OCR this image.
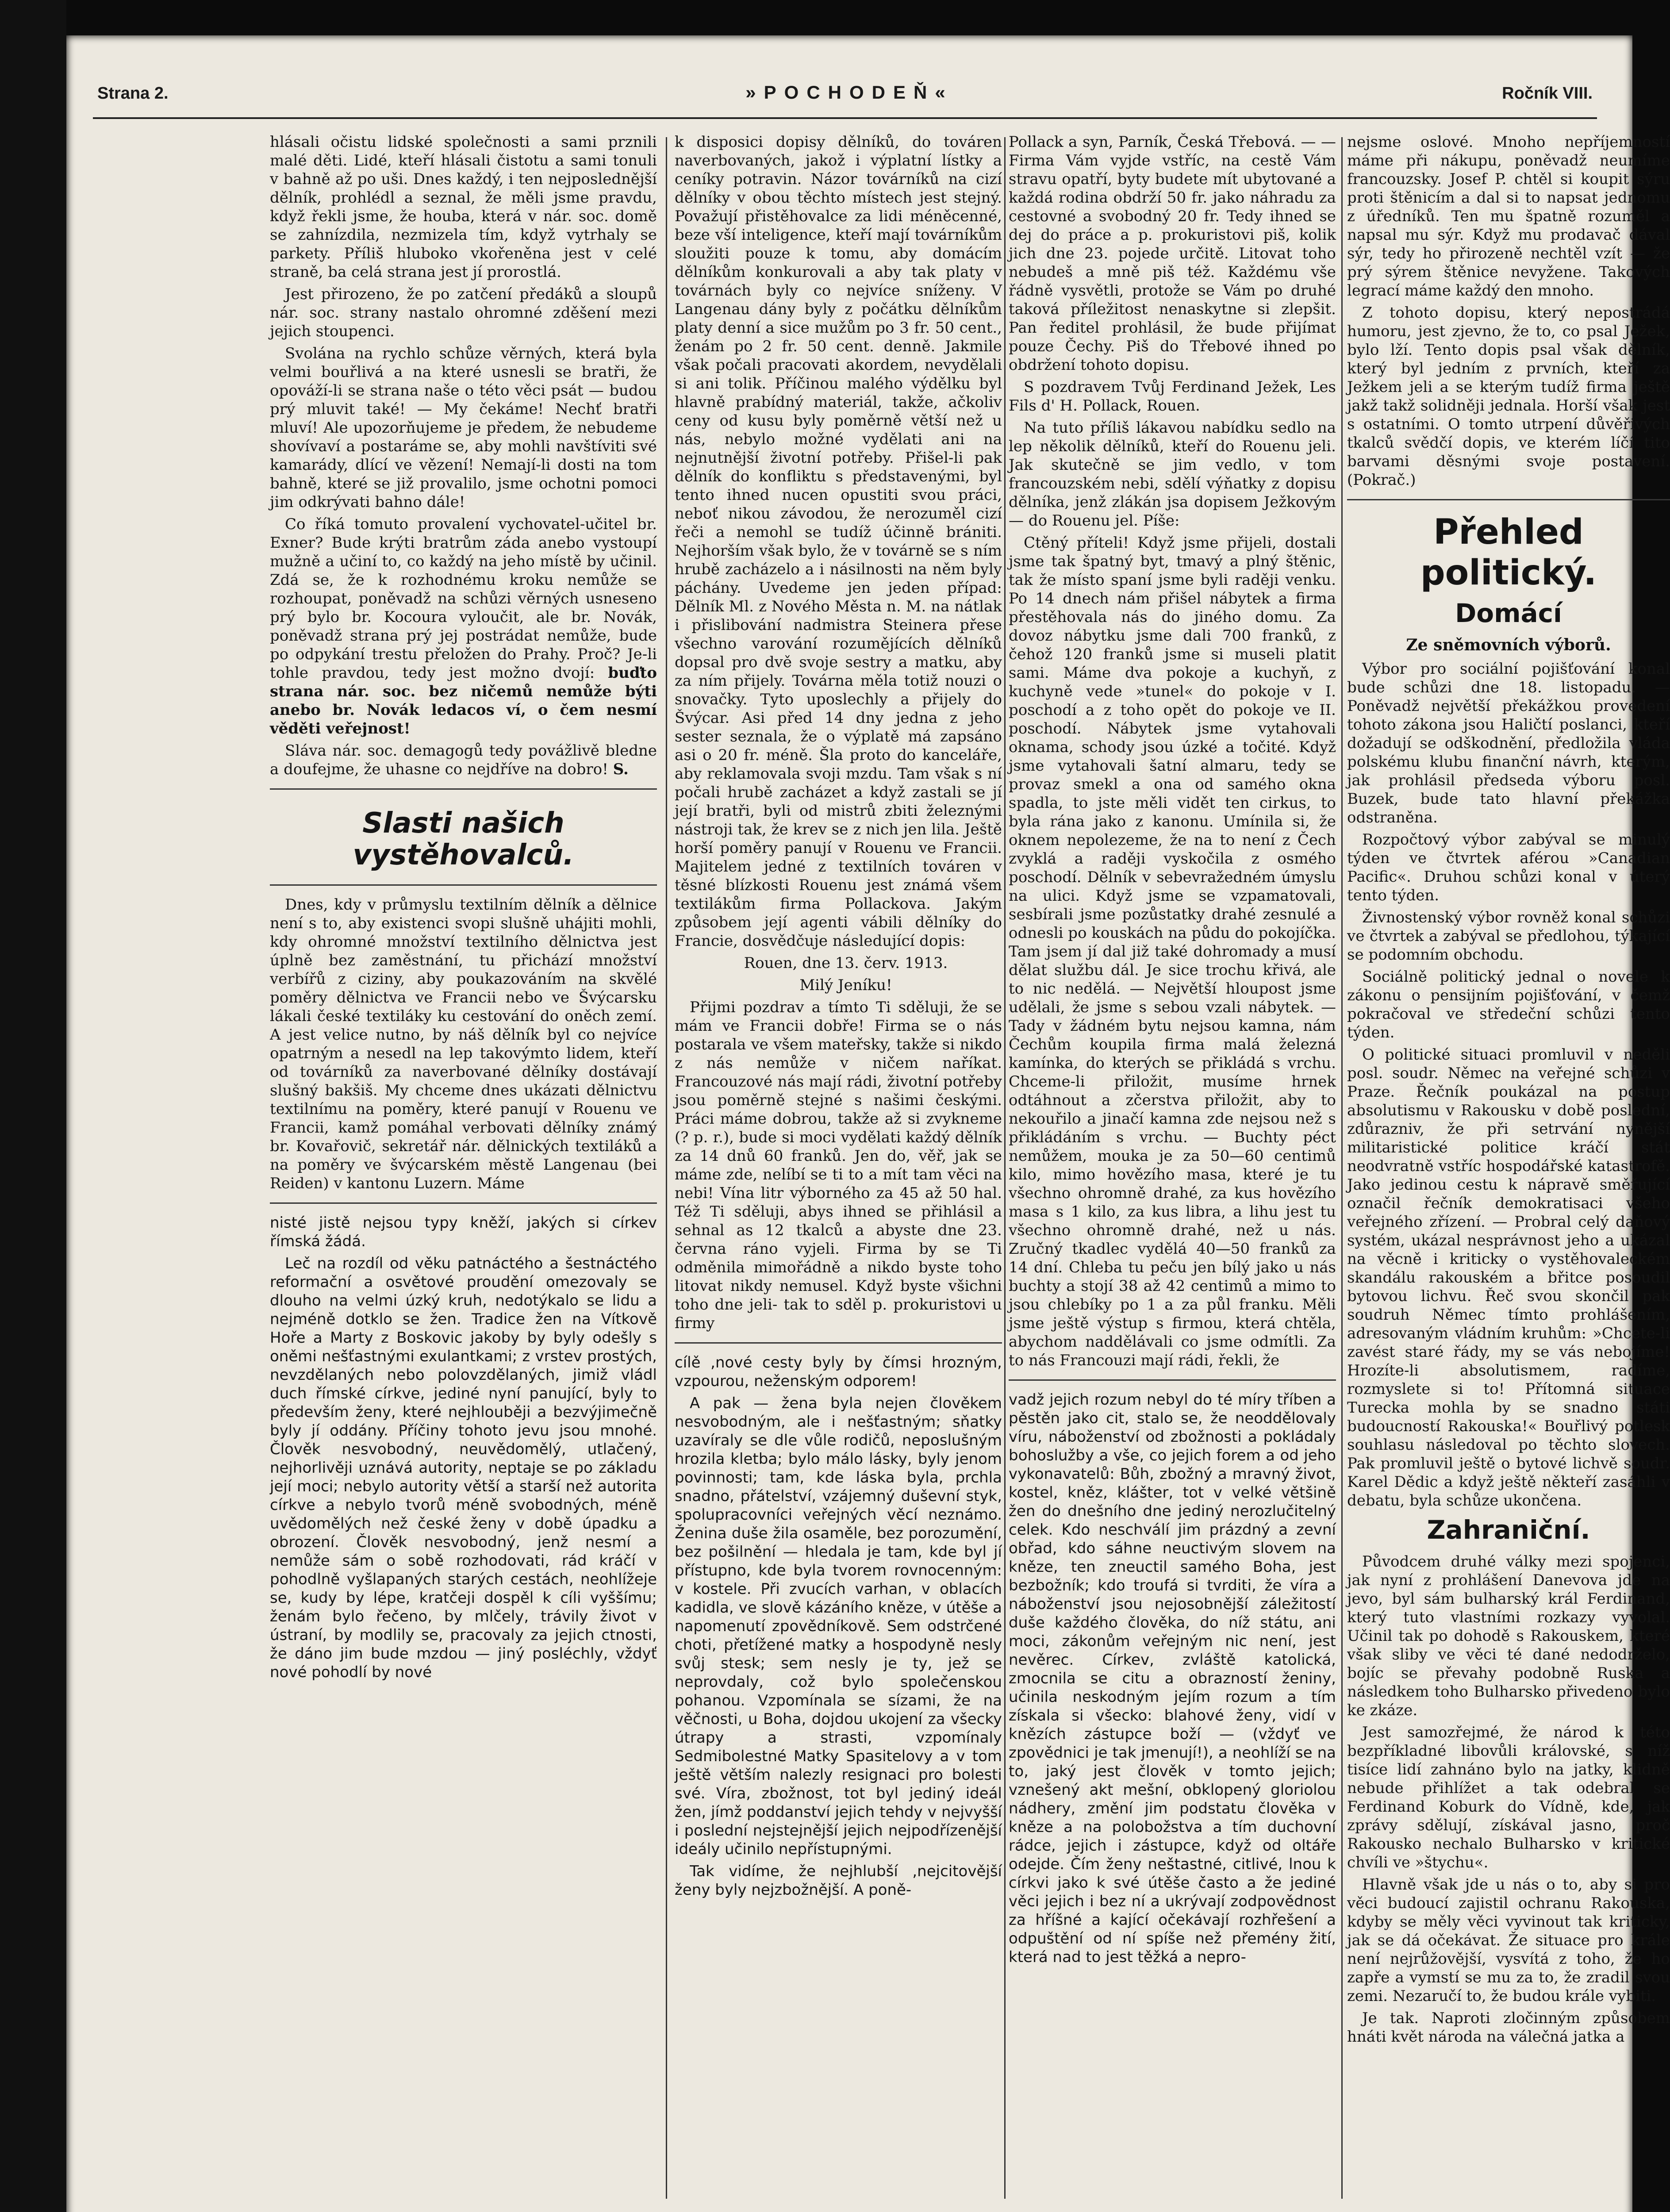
Strana 2.	»POCHODEŇ«	Ročník VIII.

hlásali očistu lidské společnosti a sami prznili malé děti. Lidé, kteří hlásali čistotu a sami tonuli v bahně až po uši. Dnes každý, i ten nejposlednější dělník, prohlédl a seznal, že měli jsme pravdu, když řekli jsme, že houba, která v nár. soc. domě se zahnízdila, nezmizela tím, když vytrhaly se parkety. Příliš hluboko vkořeněna jest v celé straně, ba celá strana jest jí prorostlá.

Jest přirozeno, že po zatčení předáků a sloupů nár. soc. strany nastalo ohromné zděšení mezi jejich stoupenci.

Svolána na rychlo schůze věrných, která byla velmi bouřlivá a na které usnesli se bratři, že opováží-li se strana naše o této věci psát — budou prý mluvit také! — My čekáme! Nechť bratři mluví! Ale upozorňujeme je předem, že nebudeme shovívaví a postaráme se, aby mohli navštíviti své kamarády, dlící ve vězení! Nemají-li dosti na tom bahně, které se již provalilo, jsme ochotni pomoci jim odkrývati bahno dále!

Co říká tomuto provalení vychovatel-učitel br. Exner? Bude krýti bratrům záda anebo vystoupí mužně a učiní to, co každý na jeho místě by učinil. Zdá se, že k rozhodnému kroku nemůže se rozhoupat, poněvadž na schůzi věrných usneseno prý bylo br. Kocoura vyloučit, ale br. Novák, poněvadž strana prý jej postrádat nemůže, bude po odpykání trestu přeložen do Prahy. Proč? Je-li tohle pravdou, tedy jest možno dvojí: buďto strana nár. soc. bez ničemů nemůže býti anebo br. Novák ledacos ví, o čem nesmí věděti veřejnost!

Sláva nár. soc. demagogů tedy povážlivě bledne a doufejme, že uhasne co nejdříve na dobro! S.

Slasti našich vystěhovalců.

Dnes, kdy v průmyslu textilním dělník a dělnice není s to, aby existenci svopi slušně uhájiti mohli, kdy ohromné množství textilního dělnictva jest úplně bez zaměstnání, tu přichází množství verbířů z ciziny, aby poukazováním na skvělé poměry dělnictva ve Francii nebo ve Švýcarsku lákali české textiláky ku cestování do oněch zemí. A jest velice nutno, by náš dělník byl co nejvíce opatrným a nesedl na lep takovýmto lidem, kteří od továrníků za naverbované dělníky dostávají slušný bakšiš. My chceme dnes ukázati dělnictvu textilnímu na poměry, které panují v Rouenu ve Francii, kamž pomáhal verbovati dělníky známý br. Kovařovič, sekretář nár. dělnických textiláků a na poměry ve švýcarském městě Langenau (bei Reiden) v kantonu Luzern. Máme

nisté jistě nejsou typy kněží, jakých si církev římská žádá.

Leč na rozdíl od věku patnáctého a šestnáctého reformační a osvětové proudění omezovaly se dlouho na velmi úzký kruh, nedotýkalo se lidu a nejméně dotklo se žen. Tradice žen na Vítkově Hoře a Marty z Boskovic jakoby by byly odešly s oněmi nešťastnými exulantkami; z vrstev prostých, nevzdělaných nebo polovzdělaných, jimiž vládl duch římské církve, jediné nyní panující, byly to především ženy, které nejhlouběji a bezvýjimečně byly jí oddány. Příčiny tohoto jevu jsou mnohé. Člověk nesvobodný, neuvědomělý, utlačený, nejhorlivěji uznává autority, neptaje se po základu její moci; nebylo autority větší a starší než autorita církve a nebylo tvorů méně svobodných, méně uvědomělých než české ženy v době úpadku a obrození. Člověk nesvobodný, jenž nesmí a nemůže sám o sobě rozhodovati, rád kráčí v pohodlně vyšlapaných starých cestách, neohlížeje se, kudy by lépe, kratčeji dospěl k cíli vyššímu; ženám bylo řečeno, by mlčely, trávily život v ústraní, by modlily se, pracovaly za jejich ctnosti, že dáno jim bude mzdou — jiný posléchly, vždyť nové pohodlí by nové

k disposici dopisy dělníků, do továren naverbovaných, jakož i výplatní lístky a ceníky potravin. Názor továrníků na cizí dělníky v obou těchto místech jest stejný. Považují přistěhovalce za lidi méněcenné, beze vší inteligence, kteří mají továrníkům sloužiti pouze k tomu, aby domácím dělníkům konkurovali a aby tak platy v továrnách byly co nejvíce sníženy. V Langenau dány byly z počátku dělníkům platy denní a sice mužům po 3 fr. 50 cent., ženám po 2 fr. 50 cent. denně. Jakmile však počali pracovati akordem, nevydělali si ani tolik. Příčinou malého výdělku byl hlavně prabídný materiál, takže, ačkoliv ceny od kusu byly poměrně větší než u nás, nebylo možné vydělati ani na nejnutnější životní potřeby. Přišel-li pak dělník do konfliktu s představenými, byl tento ihned nucen opustiti svou práci, neboť nikou závodou, že nerozuměl cizí řeči a nemohl se tudíž účinně brániti. Nejhorším však bylo, že v továrně se s ním hrubě zacházelo a i násilnosti na něm byly páchány. Uvedeme jen jeden případ: Dělník Ml. z Nového Města n. M. na nátlak i přislibování nadmistra Steinera přese všechno varování rozumějících dělníků dopsal pro dvě svoje sestry a matku, aby za ním přijely. Továrna měla totiž nouzi o snovačky. Tyto uposlechly a přijely do Švýcar. Asi před 14 dny jedna z jeho sester seznala, že o výplatě má zapsáno asi o 20 fr. méně. Šla proto do kanceláře, aby reklamovala svoji mzdu. Tam však s ní počali hrubě zacházet a když zastali se jí její bratři, byli od mistrů zbiti železnými nástroji tak, že krev se z nich jen lila. Ještě horší poměry panují v Rouenu ve Francii. Majitelem jedné z textilních továren v těsné blízkosti Rouenu jest známá všem textilákům firma Pollackova. Jakým způsobem její agenti vábili dělníky do Francie, dosvědčuje následující dopis:

Rouen, dne 13. červ. 1913.

Milý Jeníku!

Přijmi pozdrav a tímto Ti sděluji, že se mám ve Francii dobře! Firma se o nás postarala ve všem mateřsky, takže si nikdo z nás nemůže v ničem naříkat. Francouzové nás mají rádi, životní potřeby jsou poměrně stejné s našimi českými. Práci máme dobrou, takže až si zvykneme (? p. r.), bude si moci vydělati každý dělník za 14 dnů 60 franků. Jen do, věř, jak se máme zde, nelíbí se ti to a mít tam věci na nebi! Vína litr výborného za 45 až 50 hal. Též Ti sděluji, abys ihned se přihlásil a sehnal as 12 tkalců a abyste dne 23. června ráno vyjeli. Firma by se Ti odměnila mimořádně a nikdo byste toho litovat nikdy nemusel. Když byste všichni toho dne jeli- tak to sděl p. prokuristovi u firmy

cílě ,nové cesty byly by čímsi hrozným, vzpourou, neženským odporem!

A pak — žena byla nejen člověkem nesvobodným, ale i nešťastným; sňatky uzavíraly se dle vůle rodičů, neposlušným hrozila kletba; bylo málo lásky, byly jenom povinnosti; tam, kde láska byla, prchla snadno, přátelství, vzájemný duševní styk, spolupracovníci veřejných věcí neznámo. Ženina duše žila osaměle, bez porozumění, bez pošilnění — hledala je tam, kde byl jí přístupno, kde byla tvorem rovnocenným: v kostele. Při zvucích varhan, v oblacích kadidla, ve slově kázáního kněze, v útěše a napomenutí zpovědníkově. Sem odstrčené choti, přetížené matky a hospodyně nesly svůj stesk; sem nesly je ty, jež se neprovdaly, což bylo společenskou pohanou. Vzpomínala se sízami, že na věčnosti, u Boha, dojdou ukojení za všecky útrapy a strasti, vzpomínaly Sedmibolestné Matky Spasitelovy a v tom ještě větším nalezly resignaci pro bolesti své. Víra, zbožnost, tot byl jediný ideál žen, jímž poddanství jejich tehdy v nejvyšší i poslední nejstejnější jejich nejpodřízenější ideály učinilo nepřístupnými.

Tak vidíme, že nejhlubší ,nejcitovější ženy byly nejzbožnější. A poně-

Pollack a syn, Parník, Česká Třebová. — — Firma Vám vyjde vstříc, na cestě Vám stravu opatří, byty budete mít ubytované a každá rodina obdrží 50 fr. jako náhradu za cestovné a svobodný 20 fr. Tedy ihned se dej do práce a p. prokuristovi piš, kolik jich dne 23. pojede určitě. Litovat toho nebudeš a mně piš též. Každému vše řádně vysvětli, protože se Vám po druhé taková příležitost nenaskytne si zlepšit. Pan ředitel prohlásil, že bude přijímat pouze Čechy. Piš do Třebové ihned po obdržení tohoto dopisu.

S pozdravem Tvůj Ferdinand Ježek, Les Fils d' H. Pollack, Rouen.

Na tuto příliš lákavou nabídku sedlo na lep několik dělníků, kteří do Rouenu jeli. Jak skutečně se jim vedlo, v tom francouzském nebi, sdělí výňatky z dopisu dělníka, jenž zlákán jsa dopisem Ježkovým — do Rouenu jel. Píše:

Ctěný příteli! Když jsme přijeli, dostali jsme tak špatný byt, tmavý a plný štěnic, tak že místo spaní jsme byli raději venku. Po 14 dnech nám přišel nábytek a firma přestěhovala nás do jiného domu. Za dovoz nábytku jsme dali 700 franků, z čehož 120 franků jsme si museli platit sami. Máme dva pokoje a kuchyň, z kuchyně vede »tunel« do pokoje v I. poschodí a z toho opět do pokoje ve II. poschodí. Nábytek jsme vytahovali oknama, schody jsou úzké a točité. Když jsme vytahovali šatní almaru, tedy se provaz smekl a ona od samého okna spadla, to jste měli vidět ten cirkus, to byla rána jako z kanonu. Umínila si, že oknem nepolezeme, že na to není z Čech zvyklá a raději vyskočila z osmého poschodí. Dělník v sebevražedném úmyslu na ulici. Když jsme se vzpamatovali, sesbírali jsme pozůstatky drahé zesnulé a odnesli po kouskách na půdu do pokojíčka. Tam jsem jí dal již také dohromady a musí dělat službu dál. Je sice trochu křivá, ale to nic nedělá. — Největší hloupost jsme udělali, že jsme s sebou vzali nábytek. — Tady v žádném bytu nejsou kamna, nám Čechům koupila firma malá železná kamínka, do kterých se přikládá s vrchu. Chceme-li přiložit, musíme hrnek odtáhnout a zčerstva přiložit, aby to nekouřilo a jinačí kamna zde nejsou než s přikládáním s vrchu. — Buchty péct nemůžem, mouka je za 50—60 centimů kilo, mimo hovězího masa, které je tu všechno ohromně drahé, za kus hovězího masa s 1 kilo, za kus libra, a lihu jest tu všechno ohromně drahé, než u nás. Zručný tkadlec vydělá 40—50 franků za 14 dní. Chleba tu peču jen bílý jako u nás buchty a stojí 38 až 42 centimů a mimo to jsou chlebíky po 1 a za půl franku. Měli jsme ještě výstup s firmou, která chtěla, abychom naddělávali co jsme odmítli. Za to nás Francouzi mají rádi, řekli, že

vadž jejich rozum nebyl do té míry tříben a pěstěn jako cit, stalo se, že neoddělovaly víru, náboženství od zbožnosti a pokládaly bohoslužby a vše, co jejich forem a od jeho vykonavatelů: Bůh, zbožný a mravný život, kostel, kněz, klášter, tot v velké většině žen do dnešního dne jediný nerozlučitelný celek. Kdo neschválí jim prázdný a zevní obřad, kdo sáhne neuctivým slovem na kněze, ten zneuctil samého Boha, jest bezbožník; kdo troufá si tvrditi, že víra a náboženství jsou nejosobnější záležitostí duše každého člověka, do níž státu, ani moci, zákonům veřejným nic není, jest nevěrec. Církev, zvláště katolická, zmocnila se citu a obrazností ženiny, učinila neskodným jejím rozum a tím získala si všecko: blahové ženy, vidí v knězích zástupce boží — (vždyť ve zpovědnici je tak jmenují!), a neohlíží se na to, jaký jest člověk v tomto jejich; vznešený akt mešní, obklopený gloriolou nádhery, změní jim podstatu člověka v kněze a na polobožstva a tím duchovní rádce, jejich i zástupce, když od oltáře odejde. Čím ženy neštastné, citlivé, lnou k církvi jako k své útěše často a že jediné věci jejich i bez ní a ukrývají zodpovědnost za hříšné a kající očekávají rozhřešení a odpuštění od ní spíše než přemény žití, která nad to jest těžká a nepro-

nejsme oslové. Mnoho nepříjemností máme při nákupu, poněvadž neumíme francouzsky. Josef P. chtěl si koupit sýru proti štěnicím a dal si to napsat jednomu z úředníků. Ten mu špatně rozuměl a napsal mu sýr. Když mu prodavač dával sýr, tedy ho přirozeně nechtěl vzít — že prý sýrem štěnice nevyžene. Takových legrací máme každý den mnoho.

Z tohoto dopisu, který nepostrádá humoru, jest zjevno, že to, co psal Ježek, bylo lží. Tento dopis psal však dělník, který byl jedním z prvních, kteří za Ježkem jeli a se kterým tudíž firma ještě jakž takž solidněji jednala. Horší však jest s ostatními. O tomto utrpení důvěřivých tkalců svědčí dopis, ve kterém líčí tito barvami děsnými svoje postavení. (Pokrač.)

Přehled politický.
Domácí
Ze sněmovních výborů.

Výbor pro sociální pojišťování konal bude schůzi dne 18. listopadu. — Poněvadž největší překážkou provedení tohoto zákona jsou Haličtí poslanci, kteří dožadují se odškodnění, předložila vláda polskému klubu finanční návrh, kterým, jak prohlásil předseda výboru posl. Buzek, bude tato hlavní překážka odstraněna.

Rozpočtový výbor zabýval se minulý týden ve čtvrtek aférou »Canadian Pacific«. Druhou schůzi konal v úterý tento týden.

Živnostenský výbor rovněž konal schůzi ve čtvrtek a zabýval se předlohou, týkající se podomním obchodu.

Sociálně politický jednal o novele k zákonu o pensijním pojišťování, v čemž pokračoval ve středeční schůzi tento týden.

O politické situaci promluvil v neděli posl. soudr. Němec na veřejné schůzi v Praze. Řečník poukázal na postup absolutismu v Rakousku v době poslední, zdůrazniv, že při setrvání nynější militaristické politice kráčí stát neodvratně vstříc hospodářské katastrofě. Jako jedinou cestu k nápravě směřující označil řečník demokratisaci všeho veřejného zřízení. — Probral celý daňový systém, ukázal nesprávnost jeho a ukázal na věcně i kriticky o vystěhovaleckém skandálu rakouském a břitce posoudil bytovou lichvu. Řeč svou skončil pak soudruh Němec tímto prohlášením, adresovaným vládním kruhům: »Chcete-li zavést staré řády, my se vás nebojíme! Hrozíte-li absolutismem, radíme, rozmyslete si to! Přítomná situace Turecka mohla by se snadno státi budoucností Rakouska!« Bouřlivý potlesk souhlasu následoval po těchto slovech. Pak promluvil ještě o bytové lichvě soudr. Karel Dědic a když ještě někteří zasáhli v debatu, byla schůze ukončena.

Zahraniční.

Původcem druhé války mezi spojenci, jak nyní z prohlášení Danevova jde na jevo, byl sám bulharský král Ferdinand, který tuto vlastními rozkazy vyvolal. Učinil tak po dohodě s Rakouskem, které však sliby ve věci té dané nedodrželo, bojíc se převahy podobně Ruska a následkem toho Bulharsko přivedeno bylo ke zkáze.

Jest samozřejmé, že národ k této bezpříkladné libovůli královské, s níž tisíce lidí zahnáno bylo na jatky, klidně nebude přihlížet a tak odebral se Ferdinand Koburk do Vídně, kde, jak zprávy sdělují, získával jasno, proč Rakousko nechalo Bulharsko v kritické chvíli ve »štychu«.

Hlavně však jde u nás o to, aby si pro věci budoucí zajistil ochranu Rakouska, kdyby se měly věci vyvinout tak kriticky, jak se dá očekávat. Že situace pro krále není nejrůžovější, vysvítá z toho, že ho zapře a vymstí se mu za to, že zradil svou zemi. Nezaručí to, že budou krále vybiti.

Je tak. Naproti zločinným způsobem hnáti květ národa na válečná jatka a
